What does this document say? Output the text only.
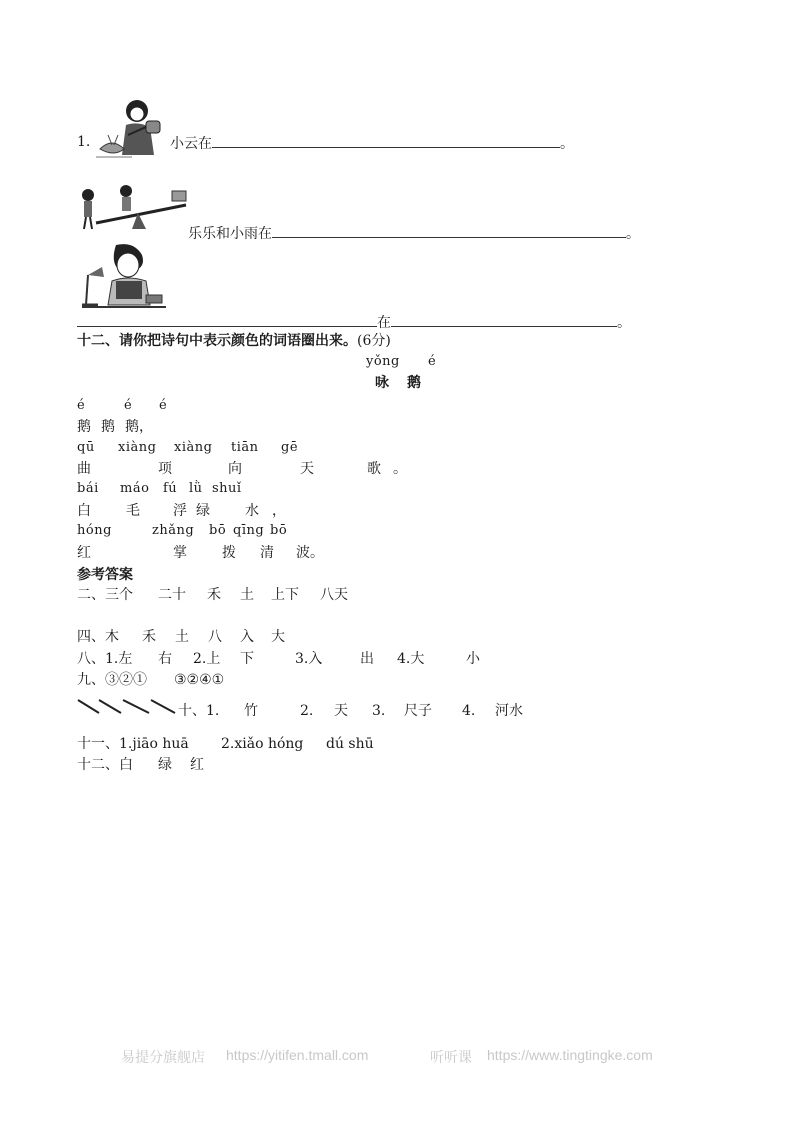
1.	小云在	。
乐乐和小雨在	。
在	。
十二、请你把诗句中表示颜色的词语圈出来。(6分)
yǒng é
咏 鹅
é	é é
鹅 鹅 鹅，
qū xiàng xiàng tiān gē
曲	项	向	天	歌 。
bái máo fú lǜ shuǐ
白	毛 浮 绿	水 ，
hóng	zhǎng bō qīng bō
红	掌	拨 清 波。
参考答案
二、三个 二十 禾 土 上下 八天
四、木 禾 土 八 入 大
八、1.左 右 2.上 下	3.入	出 4.大	小
九、③②① ③②④①
十、1. 竹	2. 天 3. 尺子 4. 河水
十一、1.jiāo huā 2.xiǎo hóng dú shū
十二、白 绿 红
易提分旗舰店 https://yitifen.tmall.com	听听课 https://www.tingtingke.com
